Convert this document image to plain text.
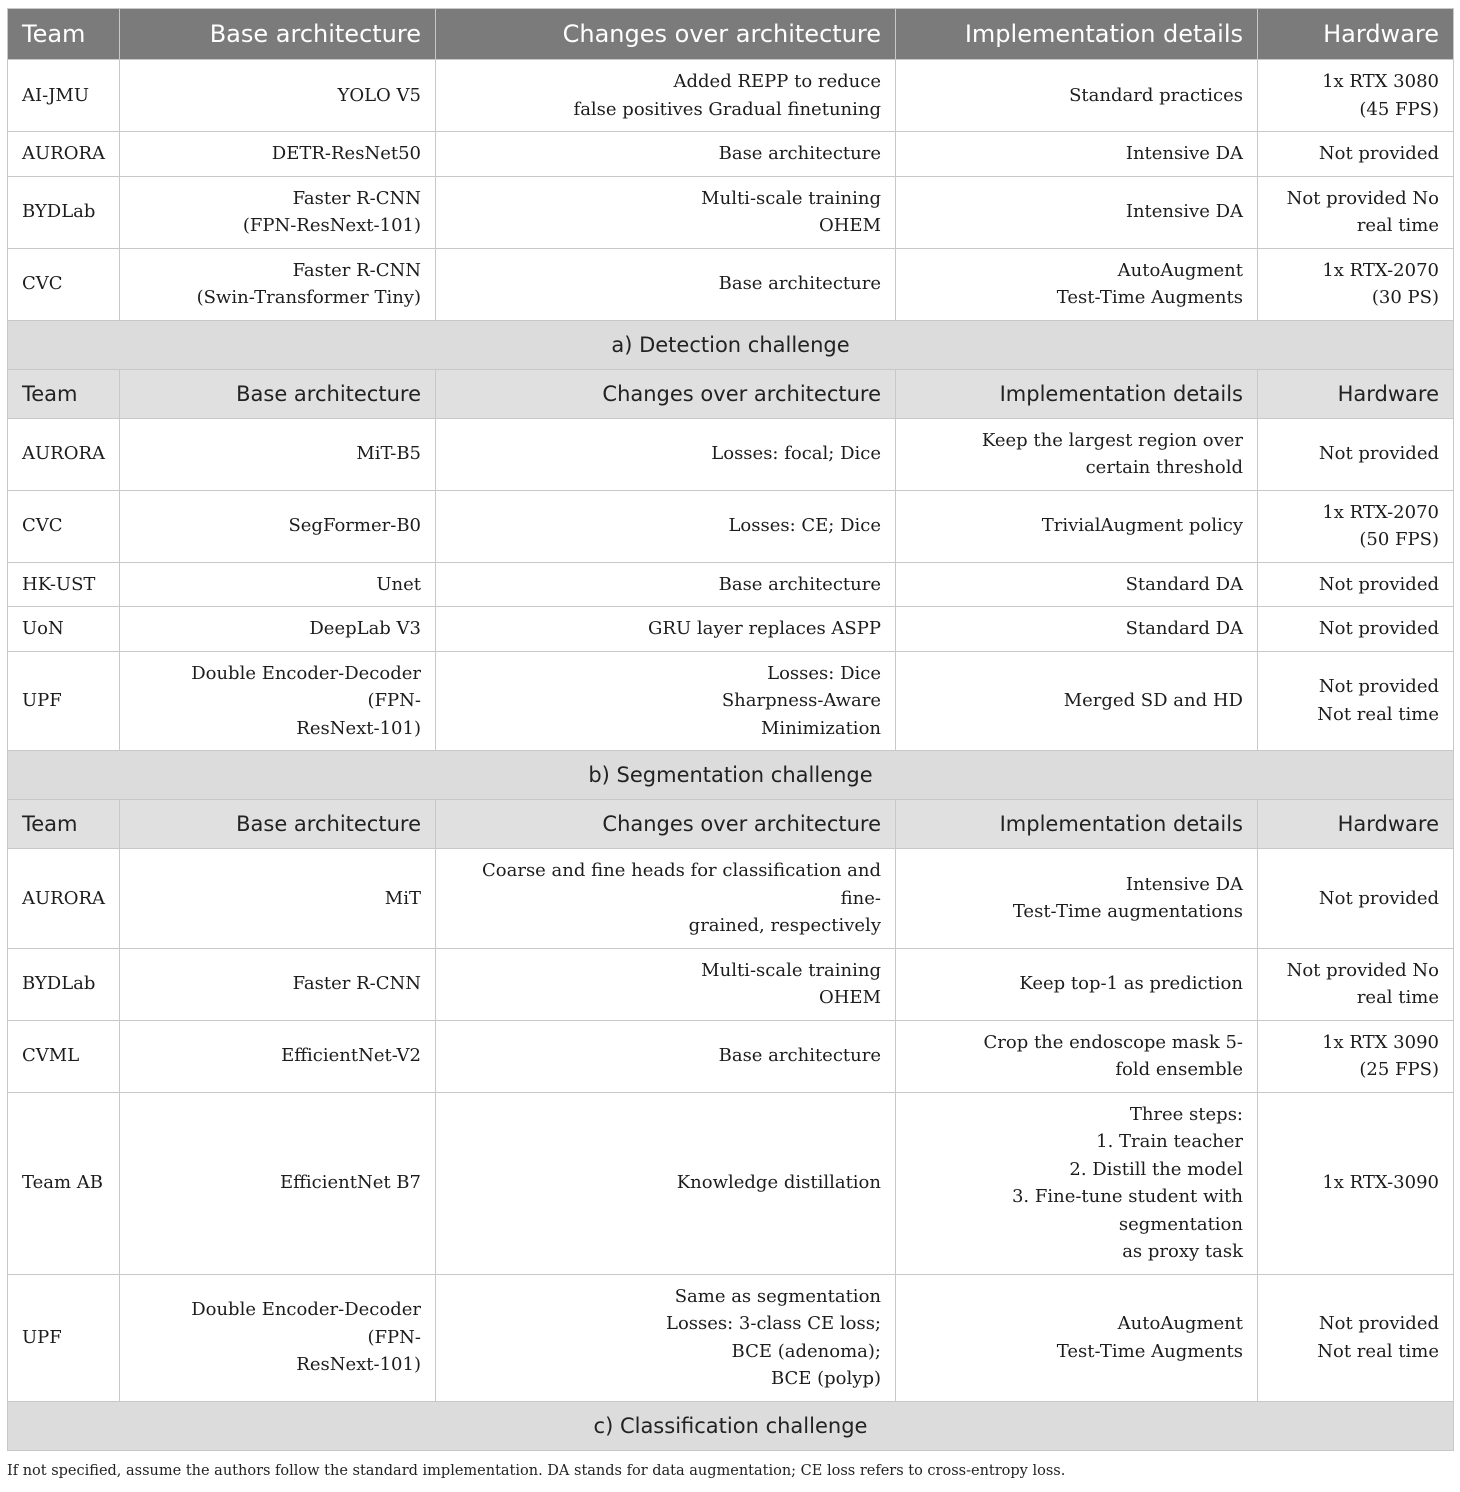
Team	Base architecture	Changes over architecture	Implementation details	Hardware

AI-JMU	YOLO V5	Added REPP to reduce
false positives Gradual finetuning	Standard practices	1x RTX 3080
(45 FPS)

AURORA	DETR-ResNet50	Base architecture	Intensive DA	Not provided

BYDLab	Faster R-CNN
(FPN-ResNext-101)	Multi-scale training
OHEM	Intensive DA	Not provided No
real time

CVC	Faster R-CNN
(Swin-Transformer Tiny)	Base architecture	AutoAugment
Test-Time Augments	1x RTX-2070
(30 PS)

a) Detection challenge				
Team	Base architecture	Changes over architecture	Implementation details	Hardware

AURORA	MiT-B5	Losses: focal; Dice	Keep the largest region over
certain threshold	Not provided

CVC	SegFormer-B0	Losses: CE; Dice	TrivialAugment policy	1x RTX-2070
(50 FPS)

HK-UST	Unet	Base architecture	Standard DA	Not provided

UoN	DeepLab V3	GRU layer replaces ASPP	Standard DA	Not provided

UPF	Double Encoder-Decoder (FPN-
ResNext-101)	Losses: Dice
Sharpness-Aware
Minimization	Merged SD and HD	Not provided
Not real time

b) Segmentation challenge				
Team	Base architecture	Changes over architecture	Implementation details	Hardware

AURORA	MiT	Coarse and fine heads for classification and fine-
grained, respectively	Intensive DA
Test-Time augmentations	Not provided

BYDLab	Faster R-CNN	Multi-scale training
OHEM	Keep top-1 as prediction	Not provided No
real time

CVML	EfficientNet-V2	Base architecture	Crop the endoscope mask 5-
fold ensemble	1x RTX 3090
(25 FPS)

Team AB	EfficientNet B7	Knowledge distillation	Three steps:
1. Train teacher
2. Distill the model
3. Fine-tune student with segmentation
as proxy task	1x RTX-3090

UPF	Double Encoder-Decoder (FPN-
ResNext-101)	Same as segmentation
Losses: 3-class CE loss;
BCE (adenoma);
BCE (polyp)	AutoAugment
Test-Time Augments	Not provided
Not real time

c) Classification challenge				
If not specified, assume the authors follow the standard implementation. DA stands for data augmentation; CE loss refers to cross-entropy loss.
